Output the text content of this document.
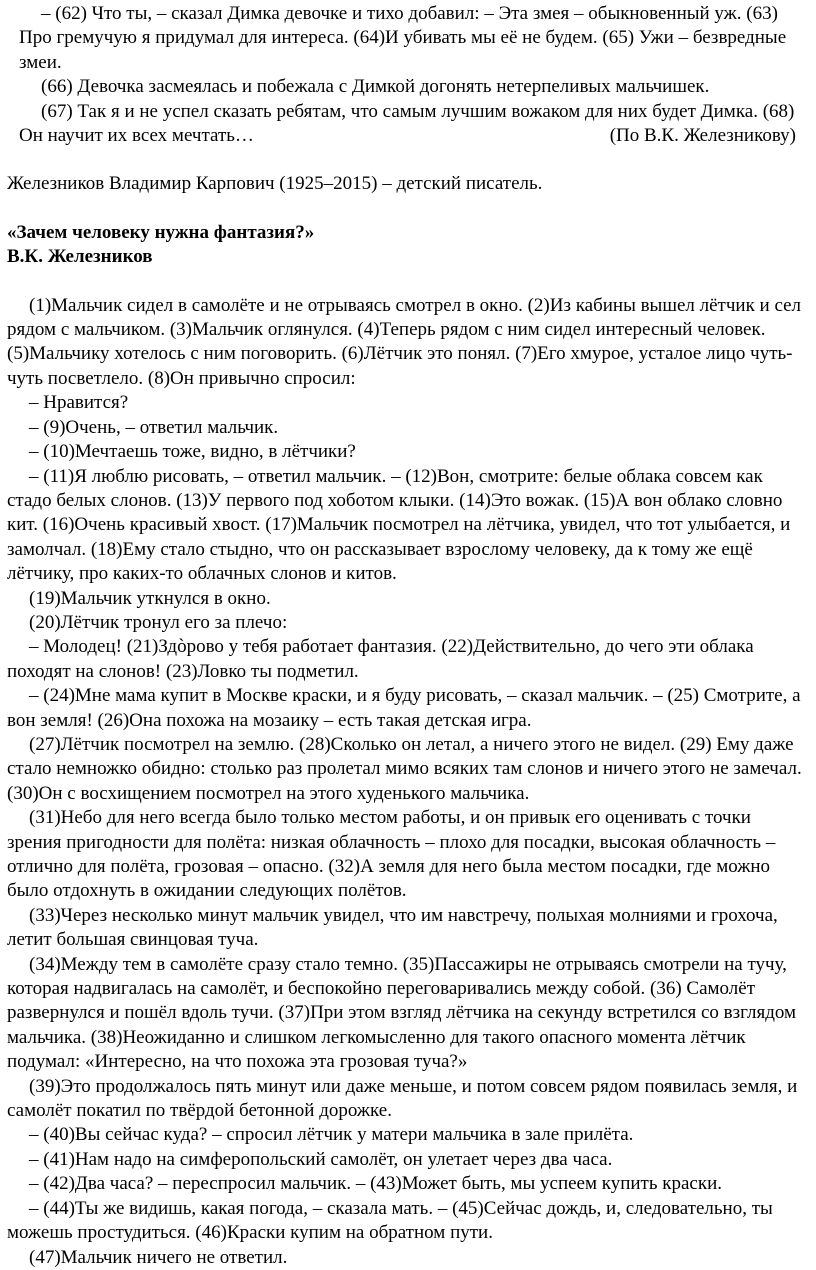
– (62) Что ты, – сказал Димка девочке и тихо добавил: – Эта змея – обыкновенный уж. (63) Про гремучую я придумал для интереса. (64)И убивать мы её не будем. (65) Ужи – безвредные змеи.

(66) Девочка засмеялась и побежала с Димкой догонять нетерпеливых мальчишек.

(67) Так я и не успел сказать ребятам, что самым лучшим вожаком для них будет Димка. (68) Он научит их всех мечтать…	(По В.К. Железникову)

Железников Владимир Карпович (1925–2015) – детский писатель.

«Зачем человеку нужна фантазия?»

В.К. Железников

(1)Мальчик сидел в самолёте и не отрываясь смотрел в окно. (2)Из кабины вышел лётчик и сел рядом с мальчиком. (3)Мальчик оглянулся. (4)Теперь рядом с ним сидел интересный человек. (5)Мальчику хотелось с ним поговорить. (6)Лётчик это понял. (7)Его хмурое, усталое лицо чуть-чуть посветлело. (8)Он привычно спросил:

– Нравится?

– (9)Очень, – ответил мальчик.

– (10)Мечтаешь тоже, видно, в лётчики?

– (11)Я люблю рисовать, – ответил мальчик. – (12)Вон, смотрите: белые облака совсем как стадо белых слонов. (13)У первого под хоботом клыки. (14)Это вожак. (15)А вон облако словно кит. (16)Очень красивый хвост. (17)Мальчик посмотрел на лётчика, увидел, что тот улыбается, и замолчал. (18)Ему стало стыдно, что он рассказывает взрослому человеку, да к тому же ещё лётчику, про каких-то облачных слонов и китов.

(19)Мальчик уткнулся в окно.

(20)Лётчик тронул его за плечо:

– Молодец! (21)Здòрово у тебя работает фантазия. (22)Действительно, до чего эти облака походят на слонов! (23)Ловко ты подметил.

– (24)Мне мама купит в Москве краски, и я буду рисовать, – сказал мальчик. – (25) Смотрите, а вон земля! (26)Она похожа на мозаику – есть такая детская игра.

(27)Лётчик посмотрел на землю. (28)Сколько он летал, а ничего этого не видел. (29) Ему даже стало немножко обидно: столько раз пролетал мимо всяких там слонов и ничего этого не замечал. (30)Он с восхищением посмотрел на этого худенького мальчика.

(31)Небо для него всегда было только местом работы, и он привык его оценивать с точки зрения пригодности для полёта: низкая облачность – плохо для посадки, высокая облачность – отлично для полёта, грозовая – опасно. (32)А земля для него была местом посадки, где можно было отдохнуть в ожидании следующих полётов.

(33)Через несколько минут мальчик увидел, что им навстречу, полыхая молниями и грохоча, летит большая свинцовая туча.

(34)Между тем в самолёте сразу стало темно. (35)Пассажиры не отрываясь смотрели на тучу, которая надвигалась на самолёт, и беспокойно переговаривались между собой. (36) Самолёт развернулся и пошёл вдоль тучи. (37)При этом взгляд лётчика на секунду встретился со взглядом мальчика. (38)Неожиданно и слишком легкомысленно для такого опасного момента лётчик подумал: «Интересно, на что похожа эта грозовая туча?»

(39)Это продолжалось пять минут или даже меньше, и потом совсем рядом появилась земля, и самолёт покатил по твёрдой бетонной дорожке.

– (40)Вы сейчас куда? – спросил лётчик у матери мальчика в зале прилёта.

– (41)Нам надо на симферопольский самолёт, он улетает через два часа.

– (42)Два часа? – переспросил мальчик. – (43)Может быть, мы успеем купить краски.

– (44)Ты же видишь, какая погода, – сказала мать. – (45)Сейчас дождь, и, следовательно, ты можешь простудиться. (46)Краски купим на обратном пути.

(47)Мальчик ничего не ответил.
